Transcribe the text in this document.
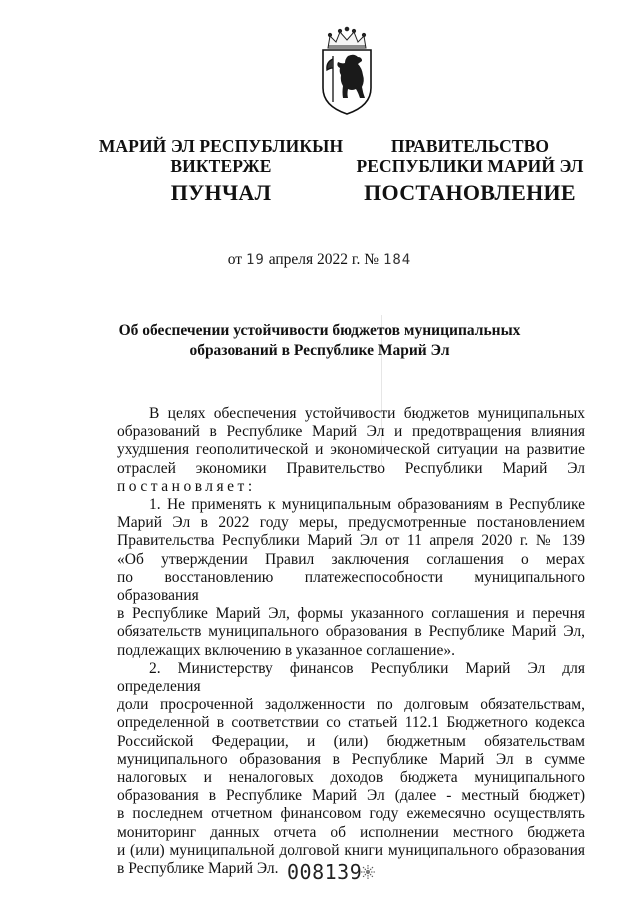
МАРИЙ ЭЛ РЕСПУБЛИКЫН
ВИКТЕРЖЕ
ПУНЧАЛ
ПРАВИТЕЛЬСТВО
РЕСПУБЛИКИ МАРИЙ ЭЛ
ПОСТАНОВЛЕНИЕ
от 19 апреля 2022 г. № 184
Об обеспечении устойчивости бюджетов муниципальных
образований в Республике Марий Эл

В целях обеспечения устойчивости бюджетов муниципальных

образований в Республике Марий Эл и предотвращения влияния

ухудшения геополитической и экономической ситуации на развитие

отраслей экономики Правительство Республики Марий Эл

постановляет:

1. Не применять к муниципальным образованиям в Республике

Марий Эл в 2022 году меры, предусмотренные постановлением

Правительства Республики Марий Эл от 11 апреля 2020 г. № 139

«Об утверждении Правил заключения соглашения о мерах

по восстановлению платежеспособности муниципального образования

в Республике Марий Эл, формы указанного соглашения и перечня

обязательств муниципального образования в Республике Марий Эл,

подлежащих включению в указанное соглашение».

2. Министерству финансов Республики Марий Эл для определения

доли просроченной задолженности по долговым обязательствам,

определенной в соответствии со статьей 112.1 Бюджетного кодекса

Российской Федерации, и (или) бюджетным обязательствам

муниципального образования в Республике Марий Эл в сумме

налоговых и неналоговых доходов бюджета муниципального

образования в Республике Марий Эл (далее - местный бюджет)

в последнем отчетном финансовом году ежемесячно осуществлять

мониторинг данных отчета об исполнении местного бюджета

и (или) муниципальной долговой книги муниципального образования

в Республике Марий Эл. 008139
